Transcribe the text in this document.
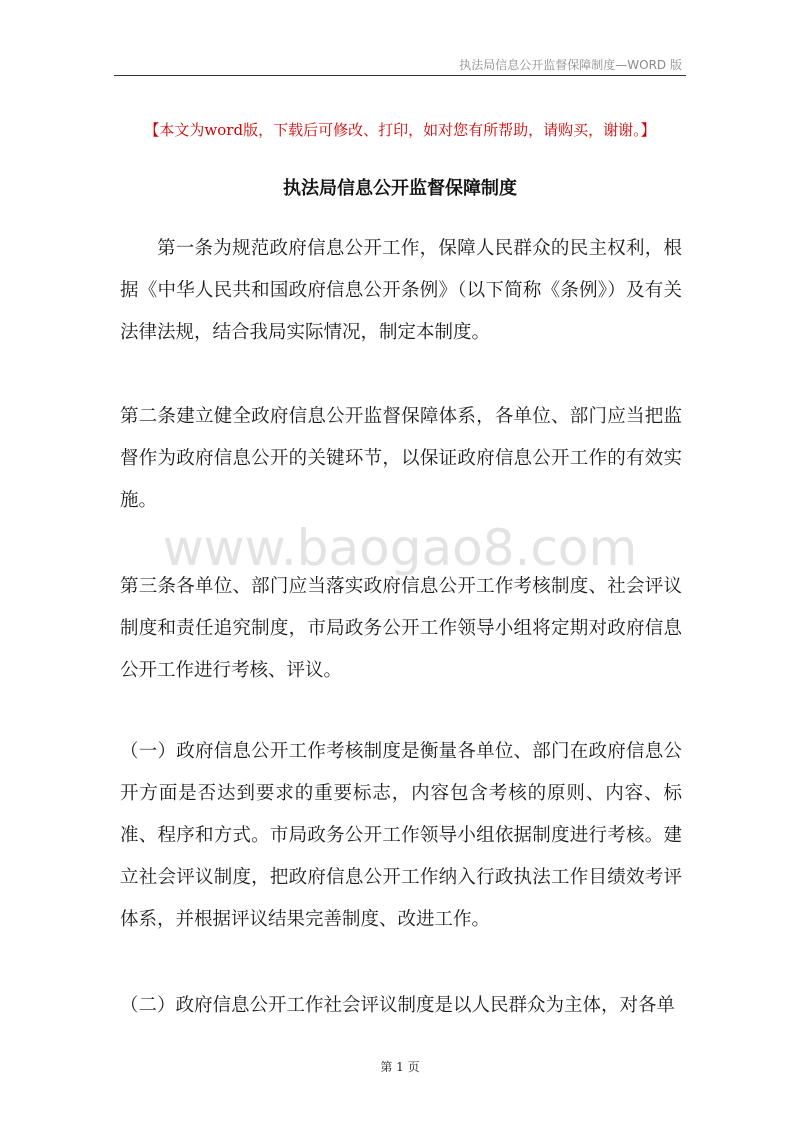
执法局信息公开监督保障制度—WORD 版
【本文为word版，下载后可修改、打印，如对您有所帮助，请购买，谢谢。】
执法局信息公开监督保障制度
www.baogao8.com

第一条为规范政府信息公开工作，保障人民群众的民主权利，根据《中华人民共和国政府信息公开条例》（以下简称《条例》）及有关法律法规，结合我局实际情况，制定本制度。

第二条建立健全政府信息公开监督保障体系，各单位、部门应当把监督作为政府信息公开的关键环节，以保证政府信息公开工作的有效实施。

第三条各单位、部门应当落实政府信息公开工作考核制度、社会评议制度和责任追究制度，市局政务公开工作领导小组将定期对政府信息公开工作进行考核、评议。

（一）政府信息公开工作考核制度是衡量各单位、部门在政府信息公开方面是否达到要求的重要标志，内容包含考核的原则、内容、标准、程序和方式。市局政务公开工作领导小组依据制度进行考核。建立社会评议制度，把政府信息公开工作纳入行政执法工作目绩效考评体系，并根据评议结果完善制度、改进工作。

（二）政府信息公开工作社会评议制度是以人民群众为主体，对各单

第 1 页
